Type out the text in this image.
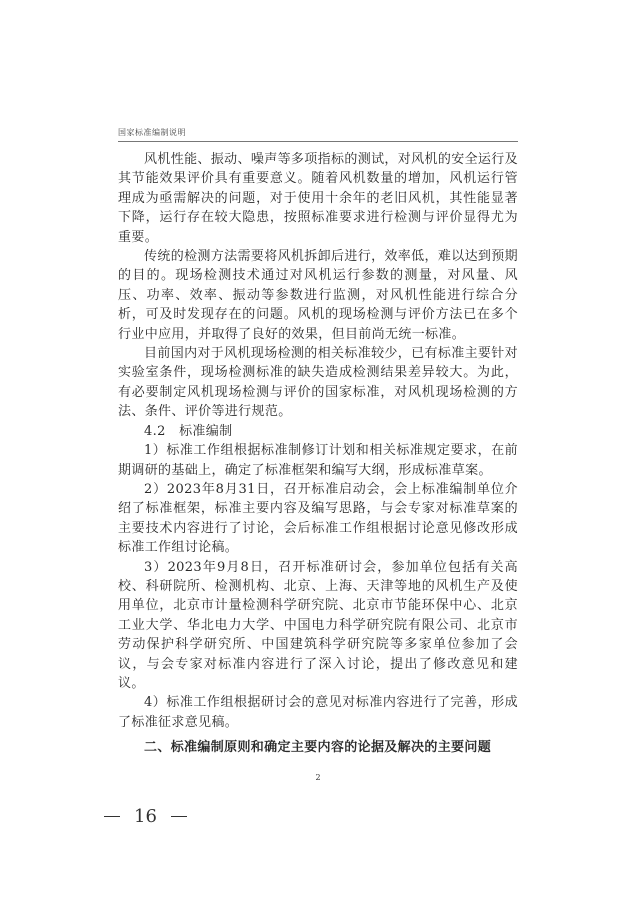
国家标准编制说明

风机性能、振动、噪声等多项指标的测试，对风机的安全运行及其节能效果评价具有重要意义。随着风机数量的增加，风机运行管理成为亟需解决的问题，对于使用十余年的老旧风机，其性能显著下降，运行存在较大隐患，按照标准要求进行检测与评价显得尤为重要。

传统的检测方法需要将风机拆卸后进行，效率低，难以达到预期的目的。现场检测技术通过对风机运行参数的测量，对风量、风压、功率、效率、振动等参数进行监测，对风机性能进行综合分析，可及时发现存在的问题。风机的现场检测与评价方法已在多个行业中应用，并取得了良好的效果，但目前尚无统一标准。

目前国内对于风机现场检测的相关标准较少，已有标准主要针对实验室条件，现场检测标准的缺失造成检测结果差异较大。为此，有必要制定风机现场检测与评价的国家标准，对风机现场检测的方法、条件、评价等进行规范。

4.2　标准编制

1）标准工作组根据标准制修订计划和相关标准规定要求，在前期调研的基础上，确定了标准框架和编写大纲，形成标准草案。

2）2023年8月31日，召开标准启动会，会上标准编制单位介绍了标准框架，标准主要内容及编写思路，与会专家对标准草案的主要技术内容进行了讨论，会后标准工作组根据讨论意见修改形成标准工作组讨论稿。

3）2023年9月8日，召开标准研讨会，参加单位包括有关高校、科研院所、检测机构、北京、上海、天津等地的风机生产及使用单位，北京市计量检测科学研究院、北京市节能环保中心、北京工业大学、华北电力大学、中国电力科学研究院有限公司、北京市劳动保护科学研究所、中国建筑科学研究院等多家单位参加了会议，与会专家对标准内容进行了深入讨论，提出了修改意见和建议。

4）标准工作组根据研讨会的意见对标准内容进行了完善，形成了标准征求意见稿。

二、标准编制原则和确定主要内容的论据及解决的主要问题

2
16
